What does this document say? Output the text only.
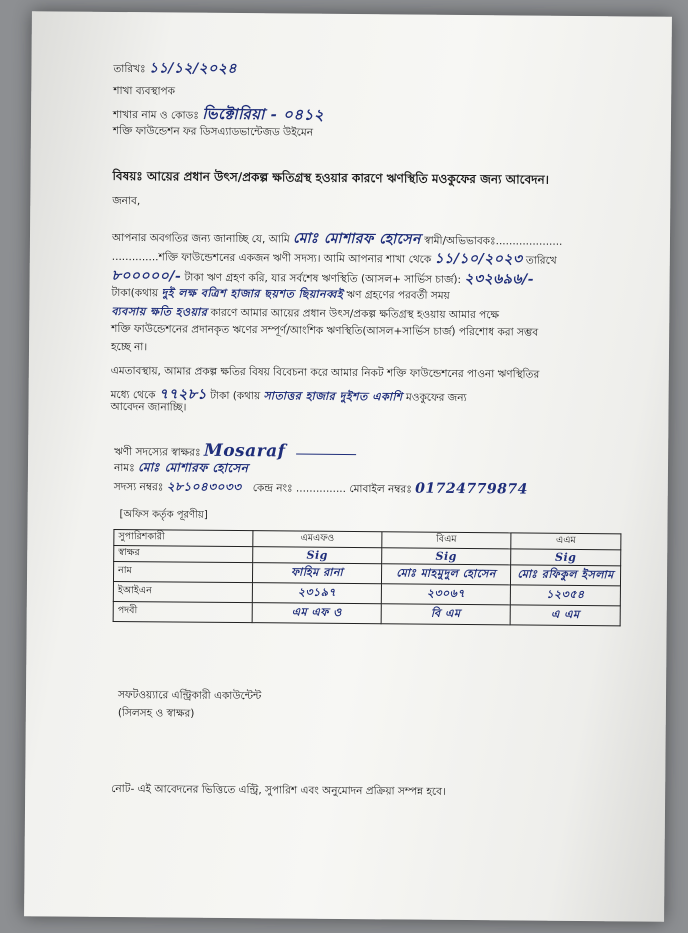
তারিখঃ ১১/১২/২০২৪
শাখা ব্যবস্থাপক
শাখার নাম ও কোডঃ ভিক্টোরিয়া - ০৪১২
শক্তি ফাউন্ডেশন ফর ডিসএ্যাডভান্টেজড উইমেন
বিষয়ঃ আয়ের প্রধান উৎস/প্রকল্প ক্ষতিগ্রস্থ হওয়ার কারণে ঋণস্থিতি মওকুফের জন্য আবেদন।
জনাব,
আপনার অবগতির জন্য জানাচ্ছি যে, আমি মোঃ মোশারফ হোসেন স্বামী/অভিভাবকঃ....................
..............শক্তি ফাউন্ডেশনের একজন ঋণী সদস্য। আমি আপনার শাখা থেকে ১১/১০/২০২৩ তারিখে
৮০০০০০/- টাকা ঋণ গ্রহণ করি, যার সর্বশেষ ঋণস্থিতি (আসল+ সার্ভিস চার্জ): ২৩২৬৯৬/-
টাকা(কথায় দুই লক্ষ বত্রিশ হাজার ছয়শত ছিয়ানব্বই ঋণ গ্রহণের পরবর্তী সময়
ব্যবসায় ক্ষতি হওয়ার কারণে আমার আয়ের প্রধান উৎস/প্রকল্প ক্ষতিগ্রস্থ হওয়ায় আমার পক্ষে
শক্তি ফাউন্ডেশনের প্রদানকৃত ঋণের সম্পূর্ণ/আংশিক ঋণস্থিতি(আসল+সার্ভিস চার্জ) পরিশোধ করা সম্ভব
হচ্ছে না।
এমতাবস্থায়, আমার প্রকল্প ক্ষতির বিষয় বিবেচনা করে আমার নিকট শক্তি ফাউন্ডেশনের পাওনা ঋণস্থিতির
মধ্যে থেকে ৭৭২৮১ টাকা (কথায় সাতাত্তর হাজার দুইশত একাশি মওকুফের জন্য
আবেদন জানাচ্ছি।
ঋণী সদস্যের স্বাক্ষরঃ Mosaraf
নামঃ মোঃ মোশারফ হোসেন
সদস্য নম্বরঃ ২৮১০৪৩০৩৩ কেন্দ্র নংঃ ............... মোবাইল নম্বরঃ 01724779874
[অফিস কর্তৃক পূরণীয়]
সুপারিশকারী	এমএফও	বিএম	এএম
স্বাক্ষর	Sig	Sig	Sig
নাম	ফাহিম রানা	মোঃ মাহমুদুল হোসেন	মোঃ রফিকুল ইসলাম
ইআইএন	২৩১৯৭	২৩০৬৭	১২৩৫৪
পদবী	এম এফ ও	বি এম	এ এম
সফটওয়্যারে এন্ট্রিকারী একাউন্টেন্ট
(সিলসহ ও স্বাক্ষর)
নোট- এই আবেদনের ভিত্তিতে এন্ট্রি, সুপারিশ এবং অনুমোদন প্রক্রিয়া সম্পন্ন হবে।
